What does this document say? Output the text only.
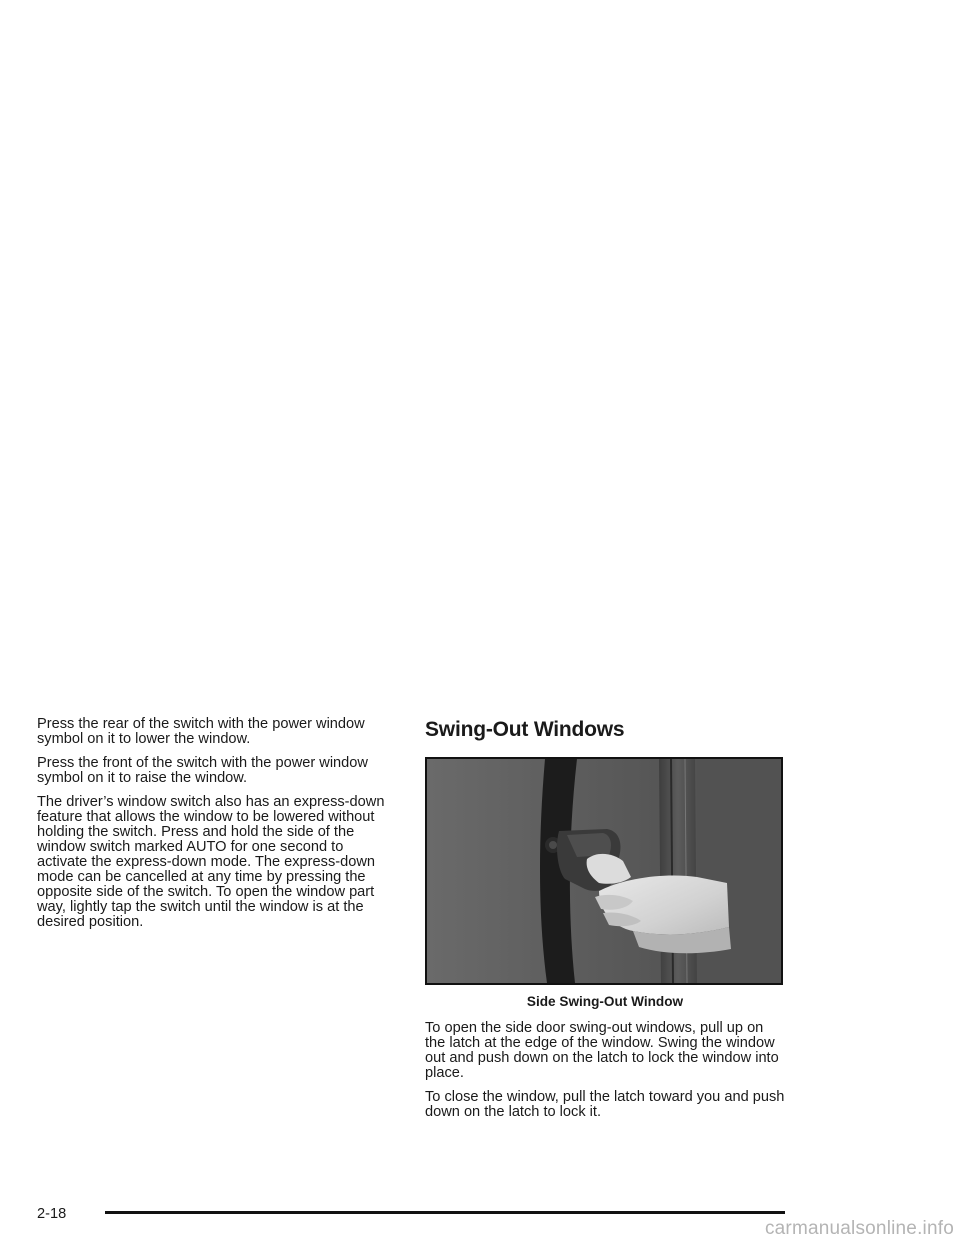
Press the rear of the switch with the power window symbol on it to lower the window.

Press the front of the switch with the power window symbol on it to raise the window.

The driver’s window switch also has an express-down feature that allows the window to be lowered without holding the switch. Press and hold the side of the window switch marked AUTO for one second to activate the express-down mode. The express-down mode can be cancelled at any time by pressing the opposite side of the switch. To open the window part way, lightly tap the switch until the window is at the desired position.

Swing-Out Windows
Side Swing-Out Window

To open the side door swing-out windows, pull up on the latch at the edge of the window. Swing the window out and push down on the latch to lock the window into place.

To close the window, pull the latch toward you and push down on the latch to lock it.

2-18
carmanualsonline.info
